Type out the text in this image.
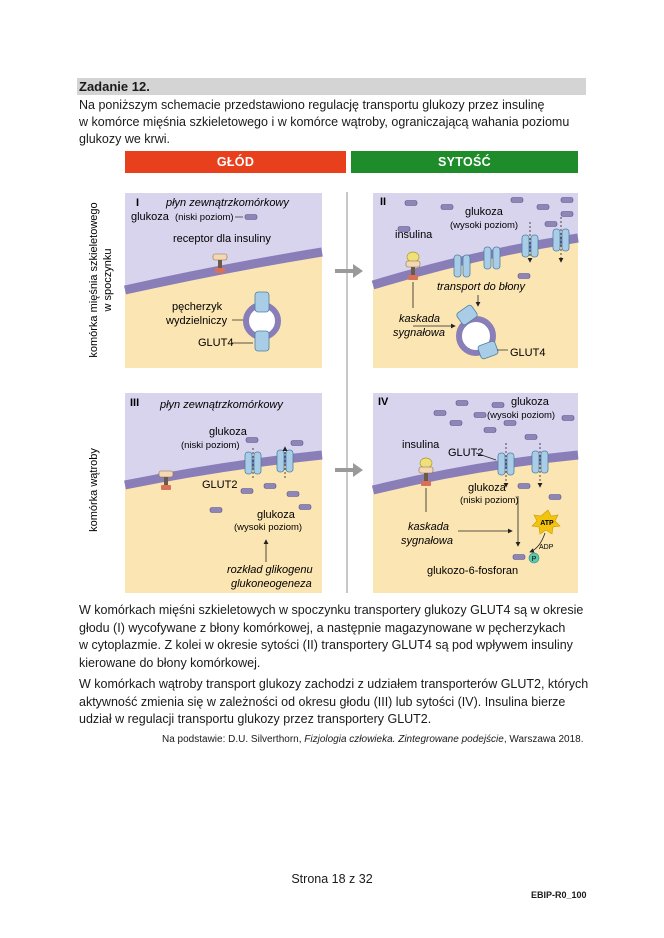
Zadanie 12.
Na poniższym schemacie przedstawiono regulację transportu glukozy przez insulinę
w komórce mięśnia szkieletowego i w komórce wątroby, ograniczającą wahania poziomu
glukozy we krwi.
GŁÓD	SYTOŚĆ
komórka mięśnia szkieletowego w spoczynku
komórka wątroby
I płyn zewnątrzkomórkowy
glukoza (niski poziom)
receptor dla insuliny
pęcherzyk
wydzielniczy
GLUT4
II
glukoza
(wysoki poziom)
insulina
transport do błony
kaskada
sygnałowa
GLUT4
III płyn zewnątrzkomórkowy
glukoza
(niski poziom)
GLUT2
glukoza
(wysoki poziom)
rozkład glikogenu
glukoneogeneza
IV	glukoza
(wysoki poziom)
insulina
GLUT2
glukoza
(niski poziom)
kaskada
sygnałowa
ATP
ADP
P
glukozo-6-fosforan
W komórkach mięśni szkieletowych w spoczynku transportery glukozy GLUT4 są w okresie
głodu (I) wycofywane z błony komórkowej, a następnie magazynowane w pęcherzykach
w cytoplazmie. Z kolei w okresie sytości (II) transportery GLUT4 są pod wpływem insuliny
kierowane do błony komórkowej.
W komórkach wątroby transport glukozy zachodzi z udziałem transporterów GLUT2, których
aktywność zmienia się w zależności od okresu głodu (III) lub sytości (IV). Insulina bierze
udział w regulacji transportu glukozy przez transportery GLUT2.
Na podstawie: D.U. Silverthorn, Fizjologia człowieka. Zintegrowane podejście, Warszawa 2018.
Strona 18 z 32
EBIP-R0_100
